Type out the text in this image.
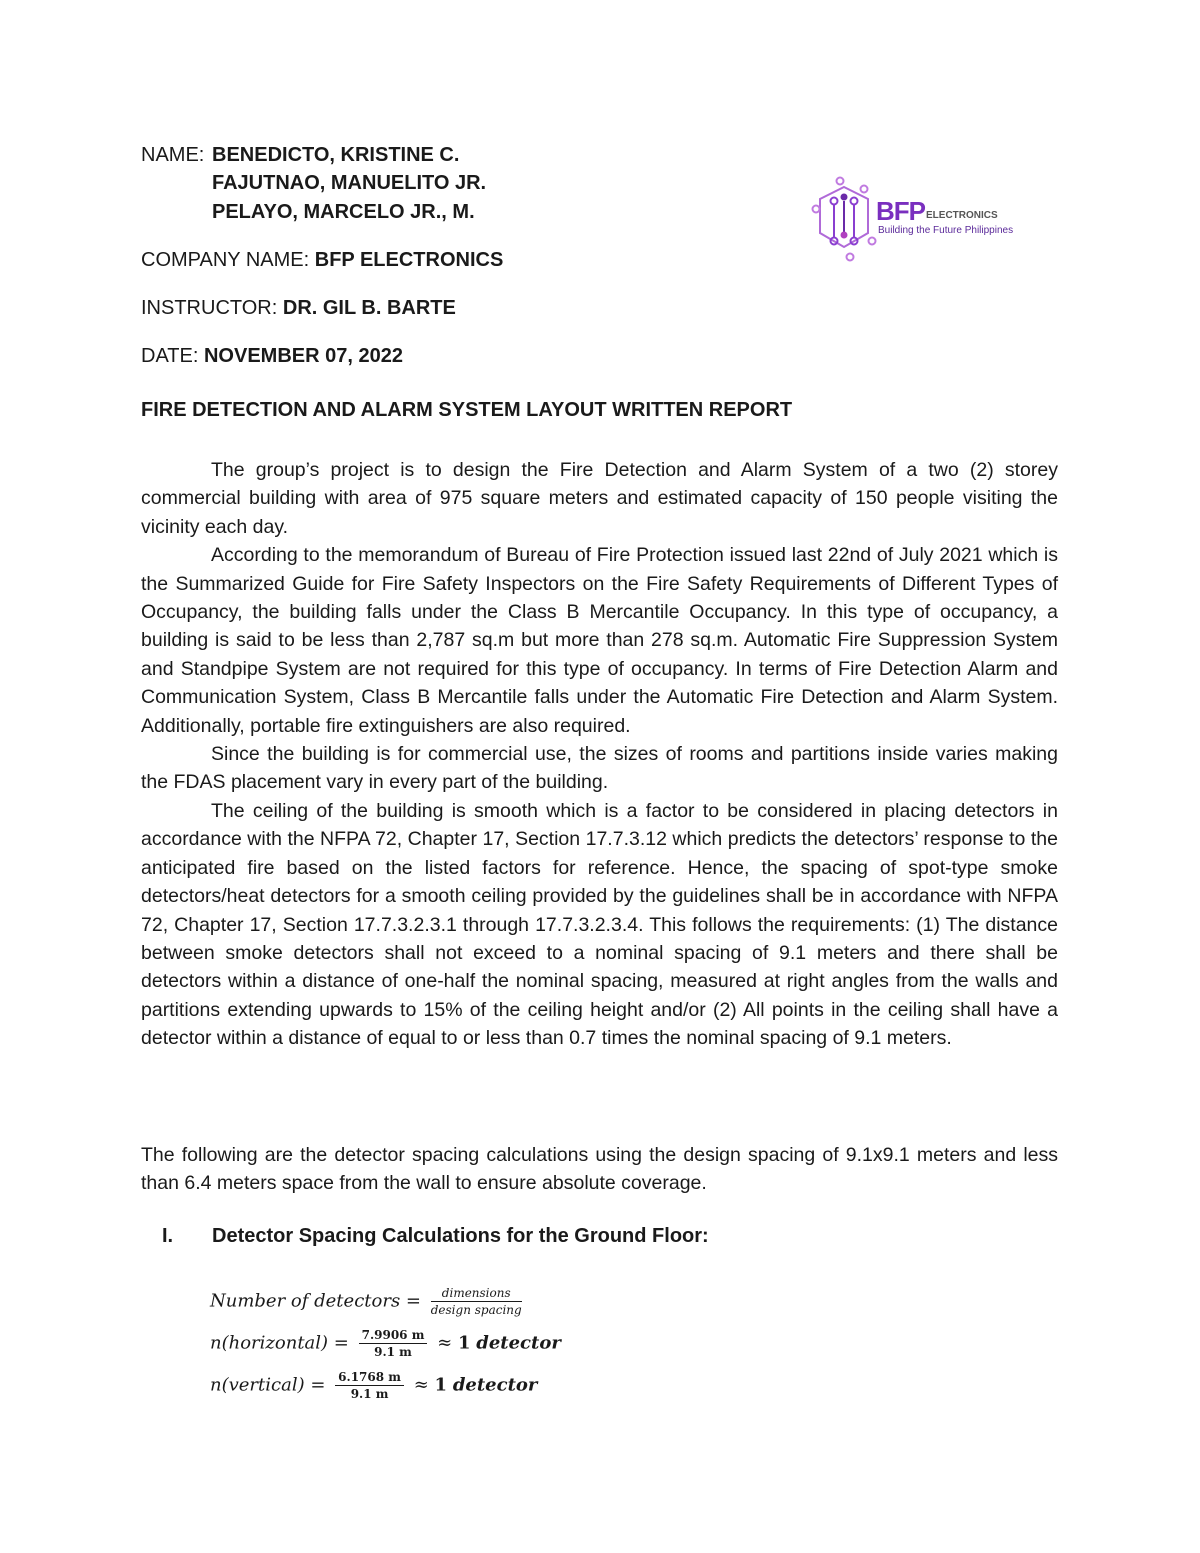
NAME: BENEDICTO, KRISTINE C.
FAJUTNAO, MANUELITO JR.
PELAYO, MARCELO JR., M.
COMPANY NAME: BFP ELECTRONICS
INSTRUCTOR: DR. GIL B. BARTE
DATE: NOVEMBER 07, 2022
BFPELECTRONICS
Building the Future Philippines
FIRE DETECTION AND ALARM SYSTEM LAYOUT WRITTEN REPORT

The group’s project is to design the Fire Detection and Alarm System of a two (2) storey commercial building with area of 975 square meters and estimated capacity of 150 people visiting the vicinity each day.

According to the memorandum of Bureau of Fire Protection issued last 22nd of July 2021 which is the Summarized Guide for Fire Safety Inspectors on the Fire Safety Requirements of Different Types of Occupancy, the building falls under the Class B Mercantile Occupancy. In this type of occupancy, a building is said to be less than 2,787 sq.m but more than 278 sq.m. Automatic Fire Suppression System and Standpipe System are not required for this type of occupancy. In terms of Fire Detection Alarm and Communication System, Class B Mercantile falls under the Automatic Fire Detection and Alarm System. Additionally, portable fire extinguishers are also required.

Since the building is for commercial use, the sizes of rooms and partitions inside varies making the FDAS placement vary in every part of the building.

The ceiling of the building is smooth which is a factor to be considered in placing detectors in accordance with the NFPA 72, Chapter 17, Section 17.7.3.12 which predicts the detectors’ response to the anticipated fire based on the listed factors for reference. Hence, the spacing of spot-type smoke detectors/heat detectors for a smooth ceiling provided by the guidelines shall be in accordance with NFPA 72, Chapter 17, Section 17.7.3.2.3.1 through 17.7.3.2.3.4. This follows the requirements: (1) The distance between smoke detectors shall not exceed to a nominal spacing of 9.1 meters and there shall be detectors within a distance of one-half the nominal spacing, measured at right angles from the walls and partitions extending upwards to 15% of the ceiling height and/or (2) All points in the ceiling shall have a detector within a distance of equal to or less than 0.7 times the nominal spacing of 9.1 meters.

The following are the detector spacing calculations using the design spacing of 9.1x9.1 meters and less than 6.4 meters space from the wall to ensure absolute coverage.

I. Detector Spacing Calculations for the Ground Floor:
Number of detectors = $\frac{\text{dimensions}}{\text{design spacing}}$
n(horizontal) = $\frac{7.9906 m}{9.1 m} \approx 1$ detector
n(vertical) = $\frac{6.1768 m}{9.1 m} \approx 1$ detector
